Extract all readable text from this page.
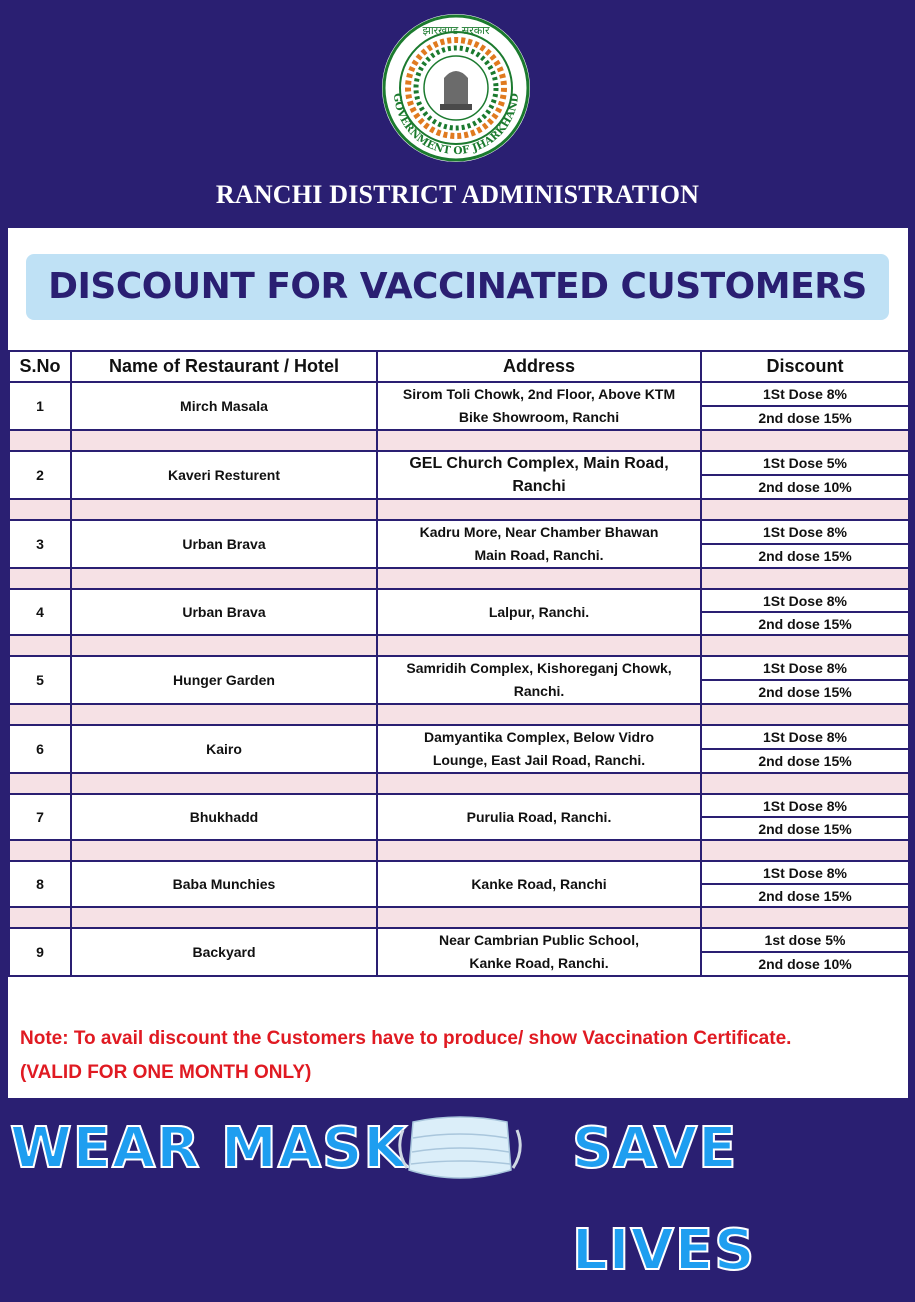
झारखण्ड सरकार
GOVERNMENT OF JHARKHAND
RANCHI DISTRICT ADMINISTRATION
DISCOUNT FOR VACCINATED CUSTOMERS
S.No	Name of Restaurant / Hotel	Address	Discount
1	Mirch Masala	Sirom Toli Chowk, 2nd Floor, Above KTM
Bike Showroom, Ranchi	1St Dose 8%
			2nd dose 15%

2	Kaveri Resturent	GEL Church Complex, Main Road,
Ranchi	1St Dose 5%
			2nd dose 10%

3	Urban Brava	Kadru More, Near Chamber Bhawan
Main Road, Ranchi.	1St Dose 8%
			2nd dose 15%

4	Urban Brava	Lalpur, Ranchi.	1St Dose 8%
			2nd dose 15%

5	Hunger Garden	Samridih Complex, Kishoreganj Chowk,
Ranchi.	1St Dose 8%
			2nd dose 15%

6	Kairo	Damyantika Complex, Below Vidro
Lounge, East Jail Road, Ranchi.	1St Dose 8%
			2nd dose 15%

7	Bhukhadd	Purulia Road, Ranchi.	1St Dose 8%
			2nd dose 15%

8	Baba Munchies	Kanke Road, Ranchi	1St Dose 8%
			2nd dose 15%

9	Backyard	Near Cambrian Public School,
Kanke Road, Ranchi.	1st dose 5%
			2nd dose 10%
Note: To avail discount the Customers have to produce/ show Vaccination Certificate.
(VALID FOR ONE MONTH ONLY)
WEAR MASK	SAVE LIVES
